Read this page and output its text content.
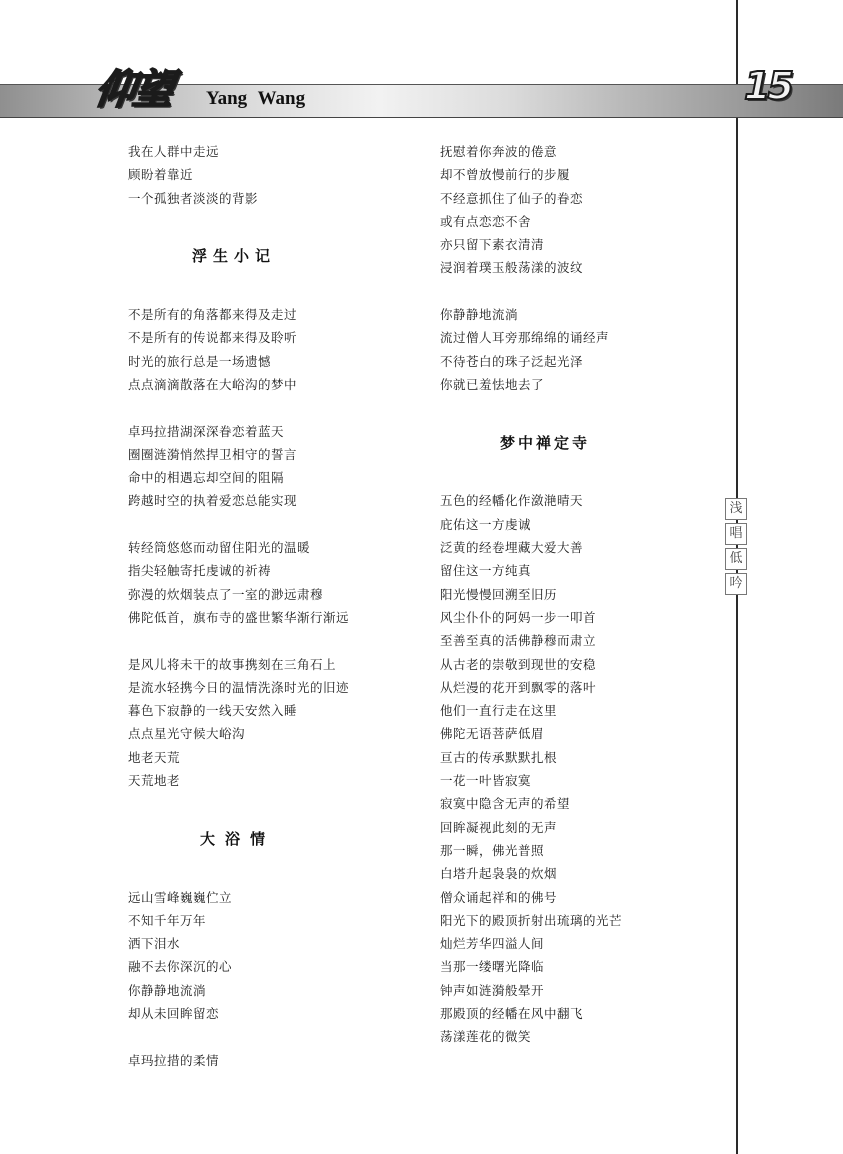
仰望 Yang Wang	15
浅
唱
低
吟
我在人群中走远
顾盼着靠近
一个孤独者淡淡的背影
浮生小记
不是所有的角落都来得及走过
不是所有的传说都来得及聆听
时光的旅行总是一场遗憾
点点滴滴散落在大峪沟的梦中
卓玛拉措湖深深眷恋着蓝天
圈圈涟漪悄然捍卫相守的誓言
命中的相遇忘却空间的阻隔
跨越时空的执着爱恋总能实现
转经筒悠悠而动留住阳光的温暖
指尖轻触寄托虔诚的祈祷
弥漫的炊烟装点了一室的渺远肃穆
佛陀低首，旗布寺的盛世繁华渐行渐远
是风儿将未干的故事携刻在三角石上
是流水轻携今日的温情洗涤时光的旧迹
暮色下寂静的一线天安然入睡
点点星光守候大峪沟
地老天荒
天荒地老
大浴情
远山雪峰巍巍伫立
不知千年万年
洒下泪水
融不去你深沉的心
你静静地流淌
却从未回眸留恋
卓玛拉措的柔情
抚慰着你奔波的倦意
却不曾放慢前行的步履
不经意抓住了仙子的眷恋
或有点恋恋不舍
亦只留下素衣清清
浸润着璞玉般荡漾的波纹
你静静地流淌
流过僧人耳旁那绵绵的诵经声
不待苍白的珠子泛起光泽
你就已羞怯地去了
梦中禅定寺
五色的经幡化作潋滟晴天
庇佑这一方虔诚
泛黄的经卷埋藏大爱大善
留住这一方纯真
阳光慢慢回溯至旧历
风尘仆仆的阿妈一步一叩首
至善至真的活佛静穆而肃立
从古老的崇敬到现世的安稳
从烂漫的花开到飘零的落叶
他们一直行走在这里
佛陀无语菩萨低眉
亘古的传承默默扎根
一花一叶皆寂寞
寂寞中隐含无声的希望
回眸凝视此刻的无声
那一瞬，佛光普照
白塔升起袅袅的炊烟
僧众诵起祥和的佛号
阳光下的殿顶折射出琉璃的光芒
灿烂芳华四溢人间
当那一缕曙光降临
钟声如涟漪般晕开
那殿顶的经幡在风中翻飞
荡漾莲花的微笑
